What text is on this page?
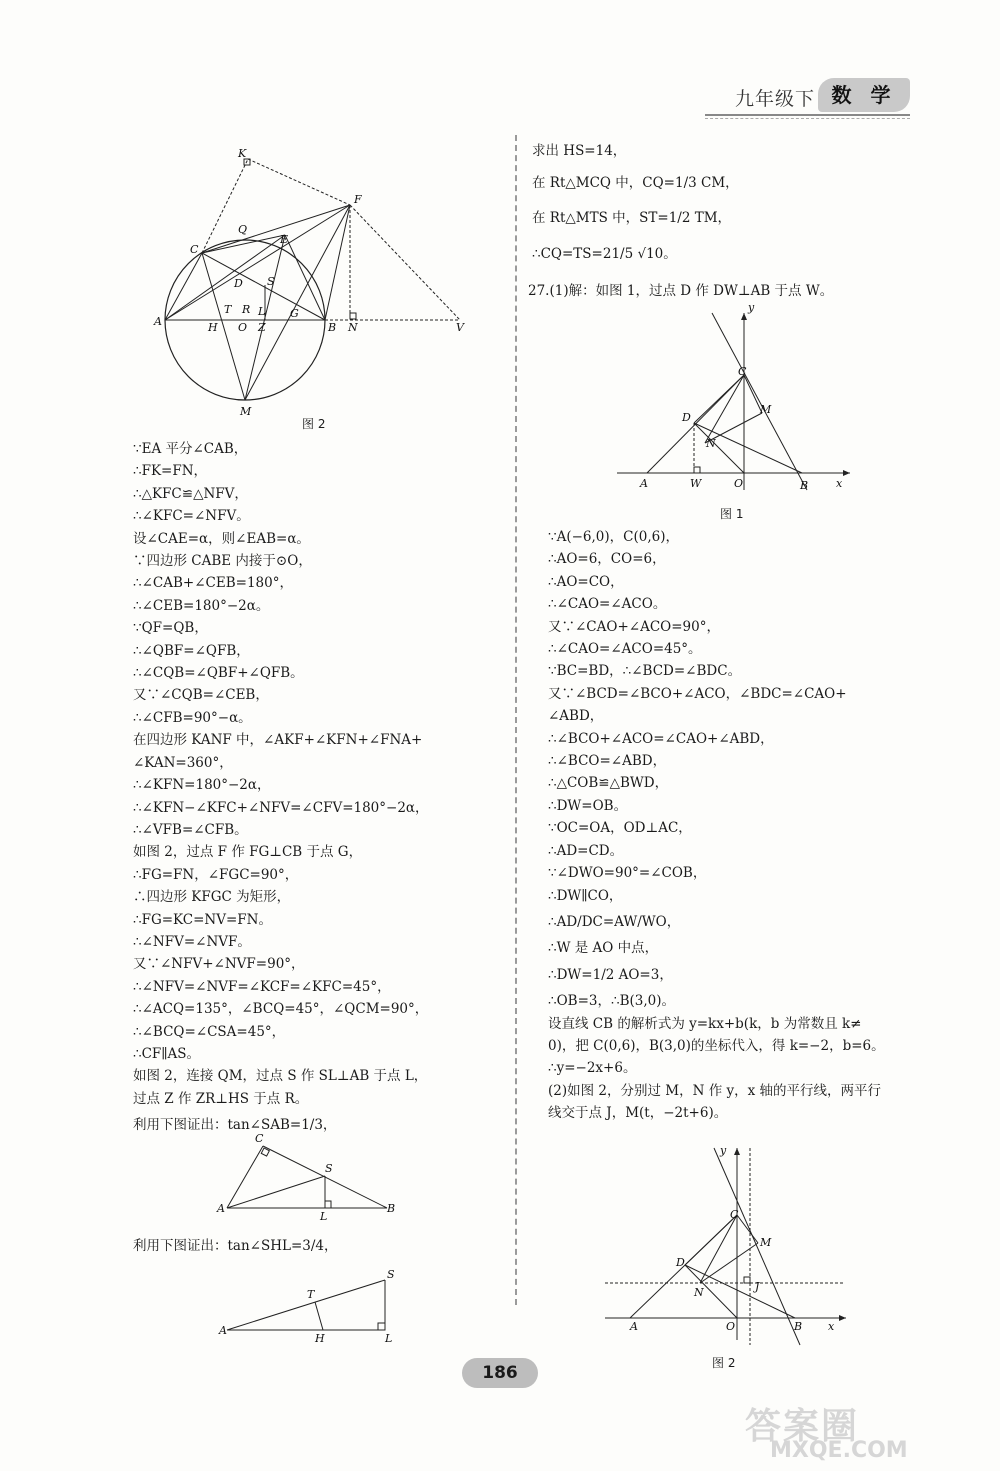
九年级下 数 学
K
F
Q
E
C
D S
T R L
A	H O Z
G
B N	V
M
图 2
∵EA 平分∠CAB，
∴FK=FN，
∴△KFC≌△NFV，
∴∠KFC=∠NFV。
设∠CAE=α，则∠EAB=α。
∵四边形 CABE 内接于⊙O，
∴∠CAB+∠CEB=180°，
∴∠CEB=180°−2α。
∵QF=QB，
∴∠QBF=∠QFB，
∴∠CQB=∠QBF+∠QFB。
又∵∠CQB=∠CEB，
∴∠CFB=90°−α。
在四边形 KANF 中，∠AKF+∠KFN+∠FNA+
∠KAN=360°，
∴∠KFN=180°−2α，
∴∠KFN−∠KFC+∠NFV=∠CFV=180°−2α，
∴∠VFB=∠CFB。
如图 2，过点 F 作 FG⊥CB 于点 G，
∴FG=FN，∠FGC=90°，
∴四边形 KFGC 为矩形，
∴FG=KC=NV=FN。
∴∠NFV=∠NVF。
又∵∠NFV+∠NVF=90°，
∴∠NFV=∠NVF=∠KCF=∠KFC=45°，
∴∠ACQ=135°，∠BCQ=45°，∠QCM=90°，
∴∠BCQ=∠CSA=45°，
∴CF∥AS。
如图 2，连接 QM，过点 S 作 SL⊥AB 于点 L，
过点 Z 作 ZR⊥HS 于点 R。
利用下图证出：tan∠SAB=1/3，
C
S
A
L
B
利用下图证出：tan∠SHL=3/4，
A
T
H
S
L
求出 HS=14，
在 Rt△MCQ 中，CQ=1/3 CM，
在 Rt△MTS 中，ST=1/2 TM，
∴CQ=TS=21/5 √10。
27.(1)解：如图 1，过点 D 作 DW⊥AB 于点 W。
y
C
M
D
N
A	W	O	B	x
图 1
∵A(−6,0)，C(0,6)，
∴AO=6，CO=6，
∴AO=CO，
∴∠CAO=∠ACO。
又∵∠CAO+∠ACO=90°，
∴∠CAO=∠ACO=45°。
∵BC=BD，∴∠BCD=∠BDC。
又∵∠BCD=∠BCO+∠ACO，∠BDC=∠CAO+
∠ABD，
∴∠BCO+∠ACO=∠CAO+∠ABD，
∴∠BCO=∠ABD，
∴△COB≌△BWD，
∴DW=OB。
∵OC=OA，OD⊥AC，
∴AD=CD。
∵∠DWO=90°=∠COB，
∴DW∥CO，
∴AD/DC=AW/WO，
∴W 是 AO 中点，
∴DW=1/2 AO=3，
∴OB=3，∴B(3,0)。
设直线 CB 的解析式为 y=kx+b(k，b 为常数且 k≠
0)，把 C(0,6)，B(3,0)的坐标代入，得 k=−2，b=6。
∴y=−2x+6。
(2)如图 2，分别过 M，N 作 y，x 轴的平行线，两平行
线交于点 J，M(t，−2t+6)。
y
C
M
D
N	J
A	O	B x
图 2
186
答案圈
MXQE.COM
